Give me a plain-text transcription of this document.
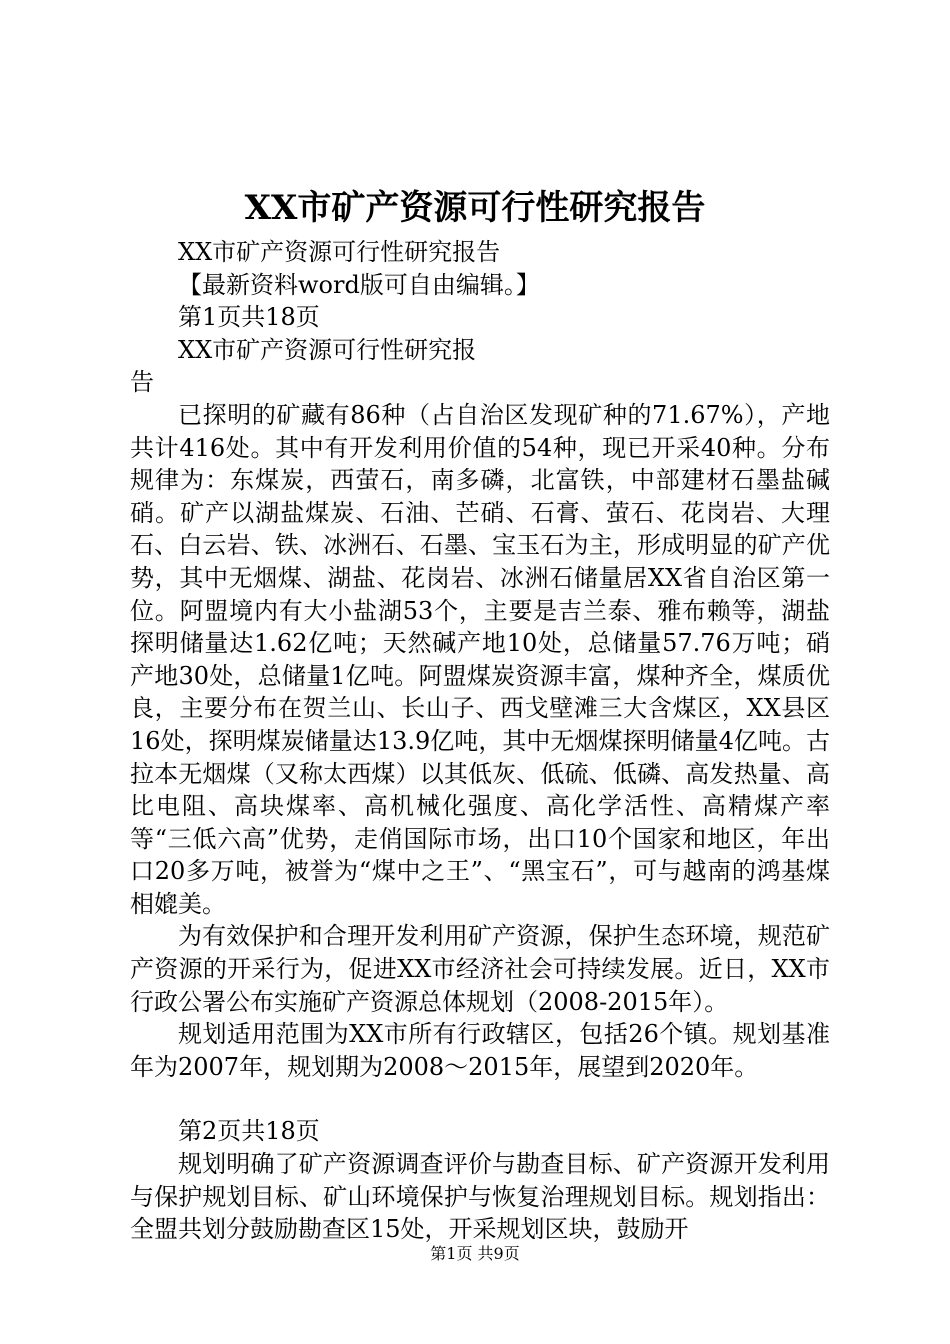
XX市矿产资源可行性研究报告

XX市矿产资源可行性研究报告

【最新资料word版可自由编辑。】

第1页共18页

XX市矿产资源可行性研究报告

已探明的矿藏有86种（占自治区发现矿种的71.67%），产地共计416处。其中有开发利用价值的54种，现已开采40种。分布规律为：东煤炭，西萤石，南多磷，北富铁，中部建材石墨盐碱硝。矿产以湖盐煤炭、石油、芒硝、石膏、萤石、花岗岩、大理石、白云岩、铁、冰洲石、石墨、宝玉石为主，形成明显的矿产优势，其中无烟煤、湖盐、花岗岩、冰洲石储量居XX省自治区第一位。阿盟境内有大小盐湖53个，主要是吉兰泰、雅布赖等，湖盐探明储量达1.62亿吨；天然碱产地10处，总储量57.76万吨；硝产地30处，总储量1亿吨。阿盟煤炭资源丰富，煤种齐全，煤质优良，主要分布在贺兰山、长山子、西戈壁滩三大含煤区，XX县区16处，探明煤炭储量达13.9亿吨，其中无烟煤探明储量4亿吨。古拉本无烟煤（又称太西煤）以其低灰、低硫、低磷、高发热量、高比电阻、高块煤率、高机械化强度、高化学活性、高精煤产率等“三低六高”优势，走俏国际市场，出口10个国家和地区，年出口20多万吨，被誉为“煤中之王”、“黑宝石”，可与越南的鸿基煤相媲美。

为有效保护和合理开发利用矿产资源，保护生态环境，规范矿产资源的开采行为，促进XX市经济社会可持续发展。近日，XX市行政公署公布实施矿产资源总体规划（2008-2015年）。

规划适用范围为XX市所有行政辖区，包括26个镇。规划基准年为2007年，规划期为2008～2015年，展望到2020年。

第2页共18页

规划明确了矿产资源调查评价与勘查目标、矿产资源开发利用与保护规划目标、矿山环境保护与恢复治理规划目标。规划指出：全盟共划分鼓励勘查区15处，开采规划区块，鼓励开

第1页 共9页
